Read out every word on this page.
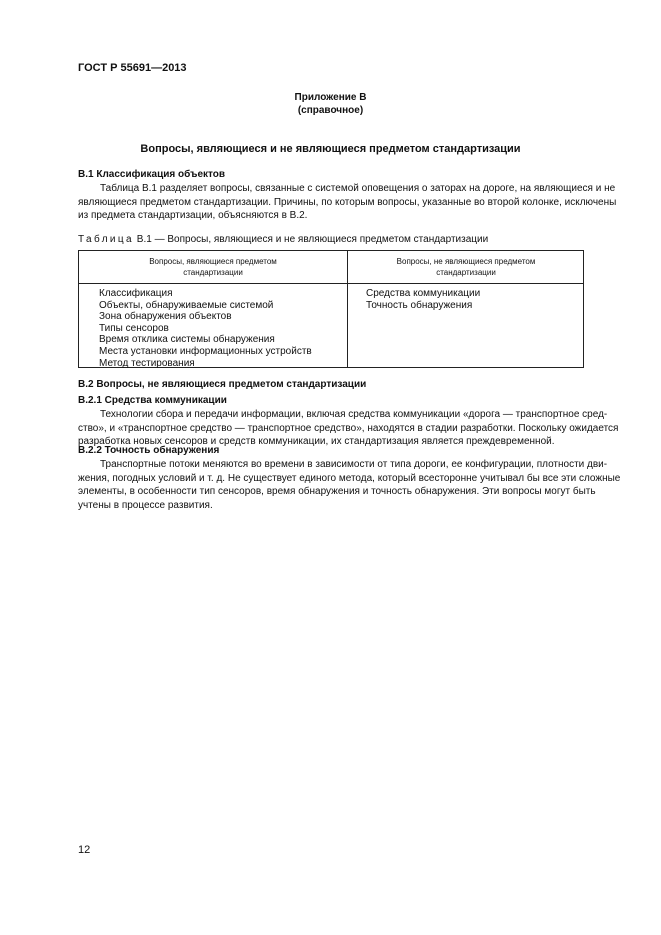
ГОСТ Р 55691—2013
Приложение В
(справочное)
Вопросы, являющиеся и не являющиеся предметом стандартизации
В.1 Классификация объектов
Таблица В.1 разделяет вопросы, связанные с системой оповещения о заторах на дороге, на являющиеся и не
являющиеся предметом стандартизации. Причины, по которым вопросы, указанные во второй колонке, исключены
из предмета стандартизации, объясняются в В.2.
Таблица В.1 — Вопросы, являющиеся и не являющиеся предметом стандартизации
Вопросы, являющиеся предметом
стандартизации
Вопросы, не являющиеся предметом
стандартизации
Классификация
Объекты, обнаруживаемые системой
Зона обнаружения объектов
Типы сенсоров
Время отклика системы обнаружения
Места установки информационных устройств
Метод тестирования
Средства коммуникации
Точность обнаружения
В.2 Вопросы, не являющиеся предметом стандартизации
В.2.1 Средства коммуникации
Технологии сбора и передачи информации, включая средства коммуникации «дорога — транспортное сред-
ство», и «транспортное средство — транспортное средство», находятся в стадии разработки. Поскольку ожидается
разработка новых сенсоров и средств коммуникации, их стандартизация является преждевременной.
В.2.2 Точность обнаружения
Транспортные потоки меняются во времени в зависимости от типа дороги, ее конфигурации, плотности дви-
жения, погодных условий и т. д. Не существует единого метода, который всесторонне учитывал бы все эти сложные
элементы, в особенности тип сенсоров, время обнаружения и точность обнаружения. Эти вопросы могут быть
учтены в процессе развития.
12
